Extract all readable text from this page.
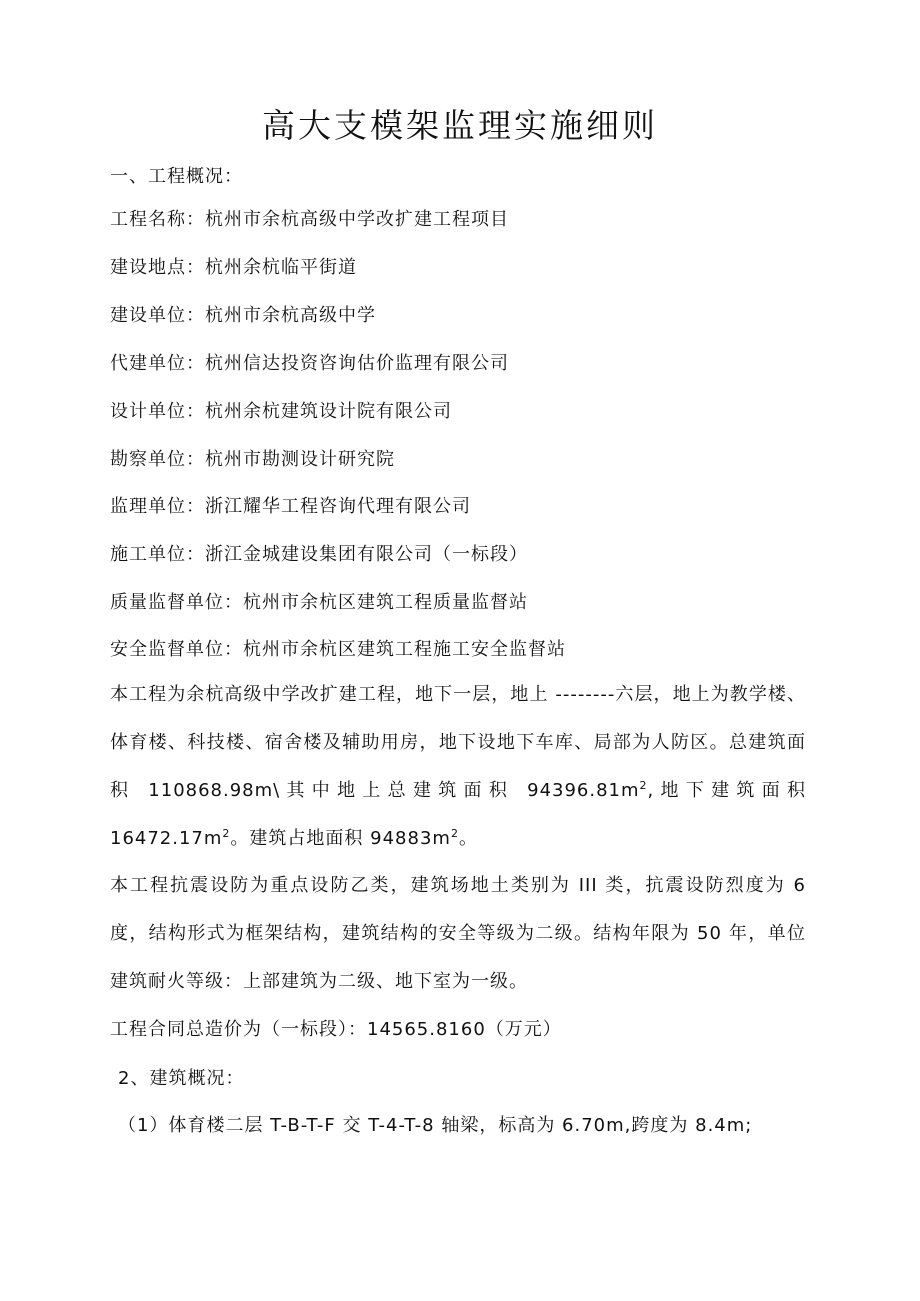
高大支模架监理实施细则
一、工程概况：
工程名称：杭州市余杭高级中学改扩建工程项目
建设地点：杭州余杭临平街道
建设单位：杭州市余杭高级中学
代建单位：杭州信达投资咨询估价监理有限公司
设计单位：杭州余杭建筑设计院有限公司
勘察单位：杭州市勘测设计研究院
监理单位：浙江耀华工程咨询代理有限公司
施工单位：浙江金城建设集团有限公司（一标段）
质量监督单位：杭州市余杭区建筑工程质量监督站
安全监督单位：杭州市余杭区建筑工程施工安全监督站
本工程为余杭高级中学改扩建工程，地下一层，地上 --------六层，地上为教学楼、体育楼、科技楼、宿舍楼及辅助用房，地下设地下车库、局部为人防区。总建筑面积 110868.98m\其中地上总建筑面积 $94396.81m^2$,地下建筑面积 $16472.17m^2$。建筑占地面积 $94883m^2$。
本工程抗震设防为重点设防乙类，建筑场地土类别为 III 类，抗震设防烈度为 6 度，结构形式为框架结构，建筑结构的安全等级为二级。结构年限为 50 年，单位建筑耐火等级：上部建筑为二级、地下室为一级。
工程合同总造价为（一标段）：14565.8160（万元）
2、建筑概况：
（1）体育楼二层 T-B-T-F 交 T-4-T-8 轴梁，标高为 6.70m,跨度为 8.4m;
